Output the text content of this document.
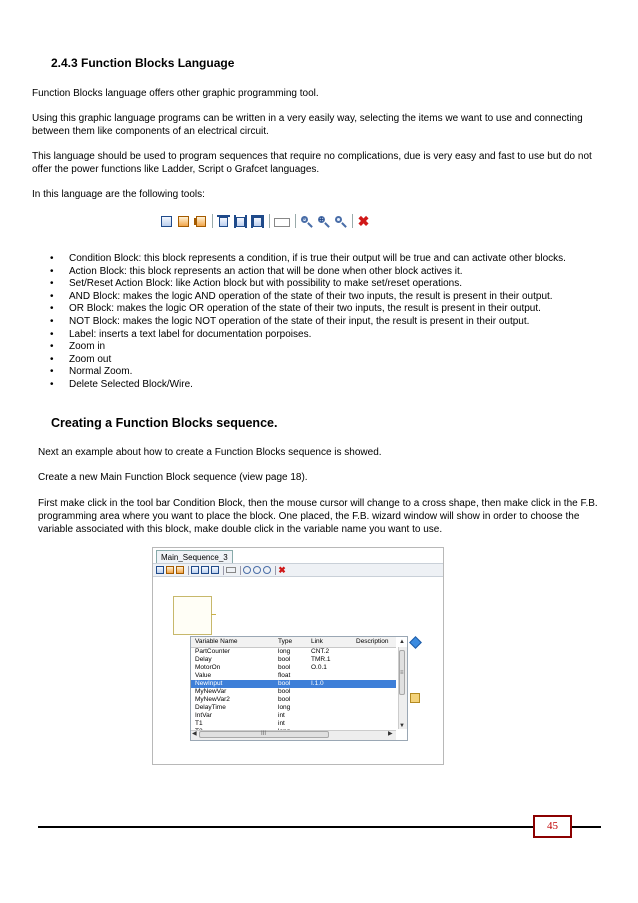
2.4.3 Function Blocks Language
Function Blocks language offers other graphic programming tool.
Using this graphic language programs can be written in a very easily way, selecting the items we want to use and connecting between them like components of an electrical circuit.
This language should be used to program sequences that require no complications, due is very easy and fast to use but do not offer the power functions like Ladder, Script o Grafcet languages.
In this language are the following tools:
- + ✖
• Condition Block: this block represents a condition, if is true their output will be true and can activate other blocks.
• Action Block: this block represents an action that will be done when other block actives it.
• Set/Reset Action Block: like Action block but with possibility to make set/reset operations.
• AND Block: makes the logic AND operation of the state of their two inputs, the result is present in their output.
• OR Block: makes the logic OR operation of the state of their two inputs, the result is present in their output.
• NOT Block: makes the logic NOT operation of the state of their input, the result is present in their output.
• Label: inserts a text label for documentation porpoises.
• Zoom in
• Zoom out
• Normal Zoom.
• Delete Selected Block/Wire.
Creating a Function Blocks sequence.
Next an example about how to create a Function Blocks sequence is showed.
Create a new Main Function Block sequence (view page 18).
First make click in the tool bar Condition Block, then the mouse cursor will change to a cross shape, then make click in the F.B. programming area where you want to place the block. One placed, the F.B. wizard window will show in order to choose the variable associated with this block, make double click in the variable name you want to use.
Main_Sequence_3
✖
Variable Name	Type	Link	Description
PartCounter	long	CNT.2
Delay	bool	TMR.1
MotorOn	bool	O.0.1
Value	float
NewInput	bool	I.1.0
MyNewVar	bool
MyNewVar2	bool
DelayTime	long
IntVar	int
T1	int
≡
▲
▼
III
◀	▶
45
